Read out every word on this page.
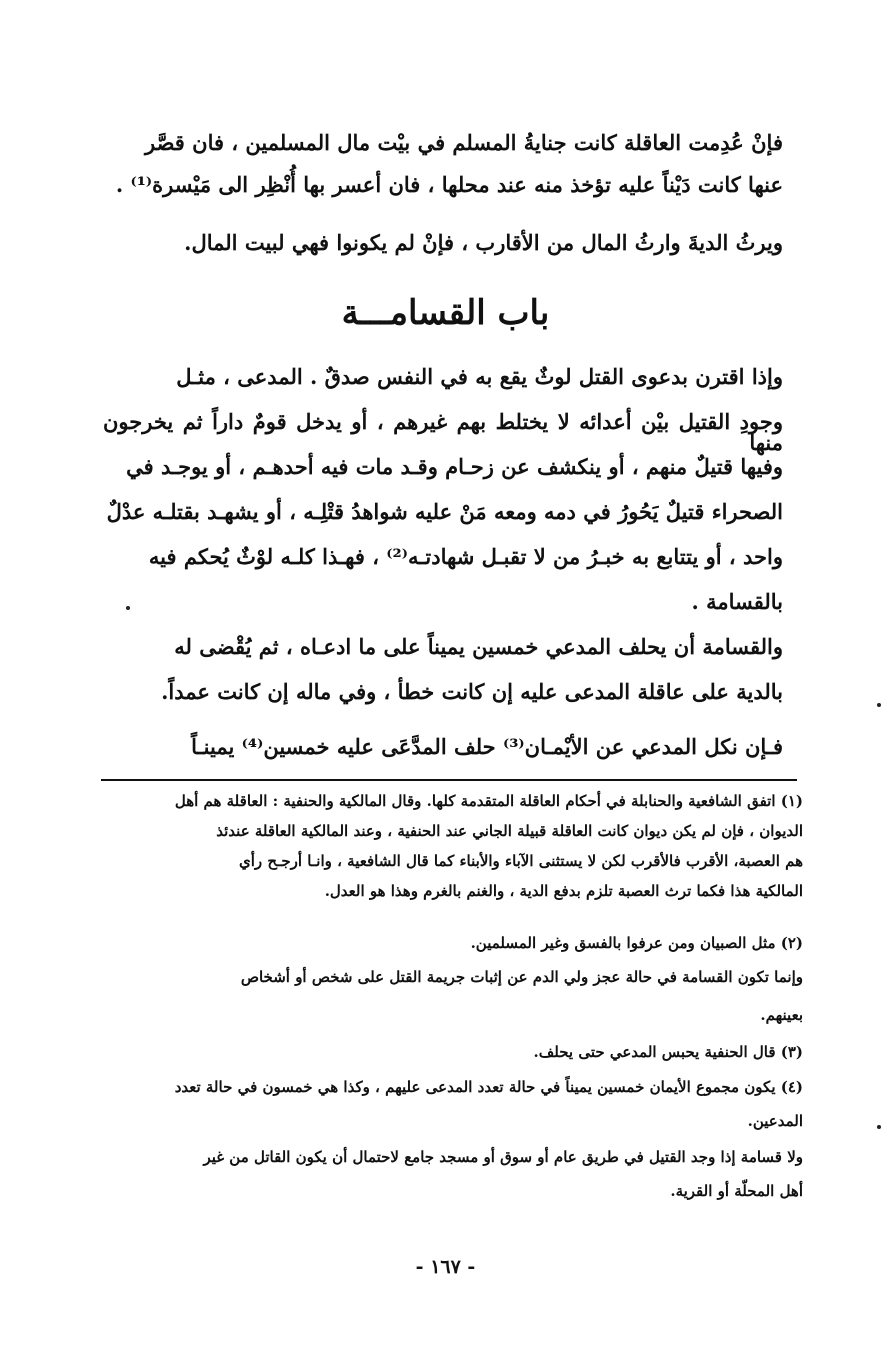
فإنْ عُدِمت العاقلة كانت جنايةُ المسلم في بيْت مال المسلمين ، فان قصَّر
عنها كانت دَيْناً عليه تؤخذ منه عند محلها ، فان أعسر بها أُنْظِر الى مَيْسرة⁽¹⁾ .
ويرثُ الديةَ وارثُ المال من الأقارب ، فإنْ لم يكونوا فهي لبيت المال.
باب القسامـــة
وإذا اقترن بدعوى القتل لوثٌ يقع به في النفس صدقٌ . المدعى ، مثـل
وجودِ القتيل بيْن أعدائه لا يختلط بهم غيرهم ، أو يدخل قومٌ داراً ثم يخرجون منها
وفيها قتيلٌ منهم ، أو ينكشف عن زحـام وقـد مات فيه أحدهـم ، أو يوجـد في
الصحراء قتيلٌ يَحُورُ في دمه ومعه مَنْ عليه شواهدُ قتْلِـه ، أو يشهـد بقتلـه عدْلٌ
واحد ، أو يتتابع به خبـرُ من لا تقبـل شهادتـه⁽²⁾ ، فهـذا كلـه لوْثٌ يُحكم فيه
بالقسامة .
والقسامة أن يحلف المدعي خمسين يميناً على ما ادعـاه ، ثم يُقْضى له
بالدية على عاقلة المدعى عليه إن كانت خطأ ، وفي ماله إن كانت عمداً.
فـإن نكل المدعي عن الأيْمـان⁽³⁾ حلف المدَّعَى عليه خمسين⁽⁴⁾ يمينـاً
(١) اتفق الشافعية والحنابلة في أحكام العاقلة المتقدمة كلها. وقال المالكية والحنفية : العاقلة هم أهل
الديوان ، فإن لم يكن ديوان كانت العاقلة قبيلة الجاني عند الحنفية ، وعند المالكية العاقلة عندئذ
هم العصبة، الأقرب فالأقرب لكن لا يستثنى الآباء والأبناء كما قال الشافعية ، وانـا أرجـح رأي
المالكية هذا فكما ترث العصبة تلزم بدفع الدية ، والغنم بالغرم وهذا هو العدل.
(٢) مثل الصبيان ومن عرفوا بالفسق وغير المسلمين.
وإنما تكون القسامة في حالة عجز ولي الدم عن إثبات جريمة القتل على شخص أو أشخاص
بعينهم.
(٣) قال الحنفية يحبس المدعي حتى يحلف.
(٤) يكون مجموع الأيمان خمسين يميناً في حالة تعدد المدعى عليهم ، وكذا هي خمسون في حالة تعدد
المدعين.
ولا قسامة إذا وجد القتيل في طريق عام أو سوق أو مسجد جامع لاحتمال أن يكون القاتل من غير
أهل المحلّة أو القرية.
- ١٦٧ -
